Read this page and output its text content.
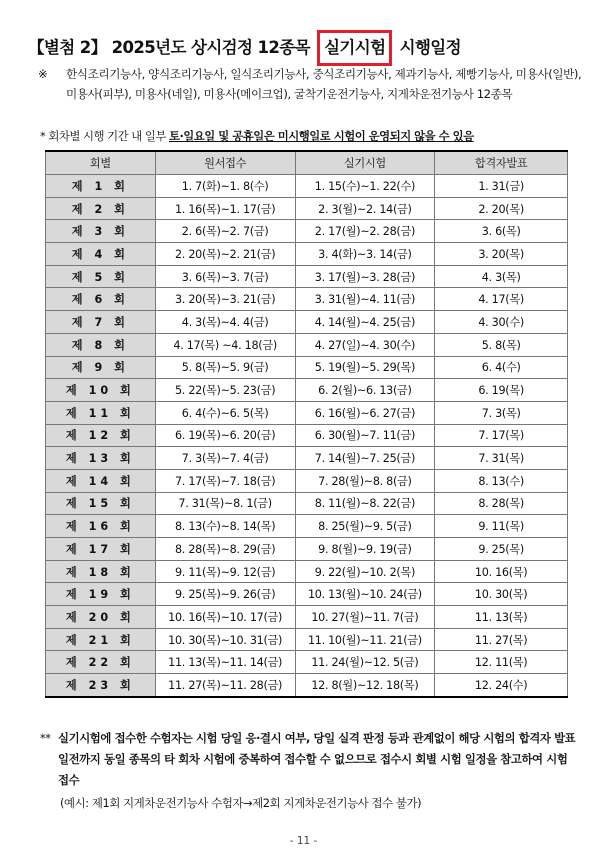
【별첨 2】 2025년도 상시검정 12종목 실기시험 시행일정
※ 한식조리기능사, 양식조리기능사, 일식조리기능사, 중식조리기능사, 제과기능사, 제빵기능사, 미용사(일반), 미용사(피부), 미용사(네일), 미용사(메이크업), 굴착기운전기능사, 지게차운전기능사 12종목
* 회차별 시행 기간 내 일부 토·일요일 및 공휴일은 미시행일로 시험이 운영되지 않을 수 있음
회별	원서접수	실기시험	합격자발표
제 1 회	1. 7(화)~1. 8(수)	1. 15(수)~1. 22(수)	1. 31(금)
제 2 회	1. 16(목)~1. 17(금)	2. 3(월)~2. 14(금)	2. 20(목)
제 3 회	2. 6(목)~2. 7(금)	2. 17(월)~2. 28(금)	3. 6(목)
제 4 회	2. 20(목)~2. 21(금)	3. 4(화)~3. 14(금)	3. 20(목)
제 5 회	3. 6(목)~3. 7(금)	3. 17(월)~3. 28(금)	4. 3(목)
제 6 회	3. 20(목)~3. 21(금)	3. 31(월)~4. 11(금)	4. 17(목)
제 7 회	4. 3(목)~4. 4(금)	4. 14(월)~4. 25(금)	4. 30(수)
제 8 회	4. 17(목) ~4. 18(금)	4. 27(일)~4. 30(수)	5. 8(목)
제 9 회	5. 8(목)~5. 9(금)	5. 19(월)~5. 29(목)	6. 4(수)
제 10 회	5. 22(목)~5. 23(금)	6. 2(월)~6. 13(금)	6. 19(목)
제 11 회	6. 4(수)~6. 5(목)	6. 16(월)~6. 27(금)	7. 3(목)
제 12 회	6. 19(목)~6. 20(금)	6. 30(월)~7. 11(금)	7. 17(목)
제 13 회	7. 3(목)~7. 4(금)	7. 14(월)~7. 25(금)	7. 31(목)
제 14 회	7. 17(목)~7. 18(금)	7. 28(월)~8. 8(금)	8. 13(수)
제 15 회	7. 31(목)~8. 1(금)	8. 11(월)~8. 22(금)	8. 28(목)
제 16 회	8. 13(수)~8. 14(목)	8. 25(월)~9. 5(금)	9. 11(목)
제 17 회	8. 28(목)~8. 29(금)	9. 8(월)~9. 19(금)	9. 25(목)
제 18 회	9. 11(목)~9. 12(금)	9. 22(월)~10. 2(목)	10. 16(목)
제 19 회	9. 25(목)~9. 26(금)	10. 13(월)~10. 24(금)	10. 30(목)
제 20 회	10. 16(목)~10. 17(금)	10. 27(월)~11. 7(금)	11. 13(목)
제 21 회	10. 30(목)~10. 31(금)	11. 10(월)~11. 21(금)	11. 27(목)
제 22 회	11. 13(목)~11. 14(금)	11. 24(월)~12. 5(금)	12. 11(목)
제 23 회	11. 27(목)~11. 28(금)	12. 8(월)~12. 18(목)	12. 24(수)
** 실기시험에 접수한 수험자는 시험 당일 응·결시 여부, 당일 실격 판정 등과 관계없이 해당 시험의 합격자 발표일전까지 동일 종목의 타 회차 시험에 중복하여 접수할 수 없으므로 접수시 회별 시험 일정을 참고하여 시험 접수
(예시: 제1회 지게차운전기능사 수험자→제2회 지게차운전기능사 접수 불가)
- 11 -
